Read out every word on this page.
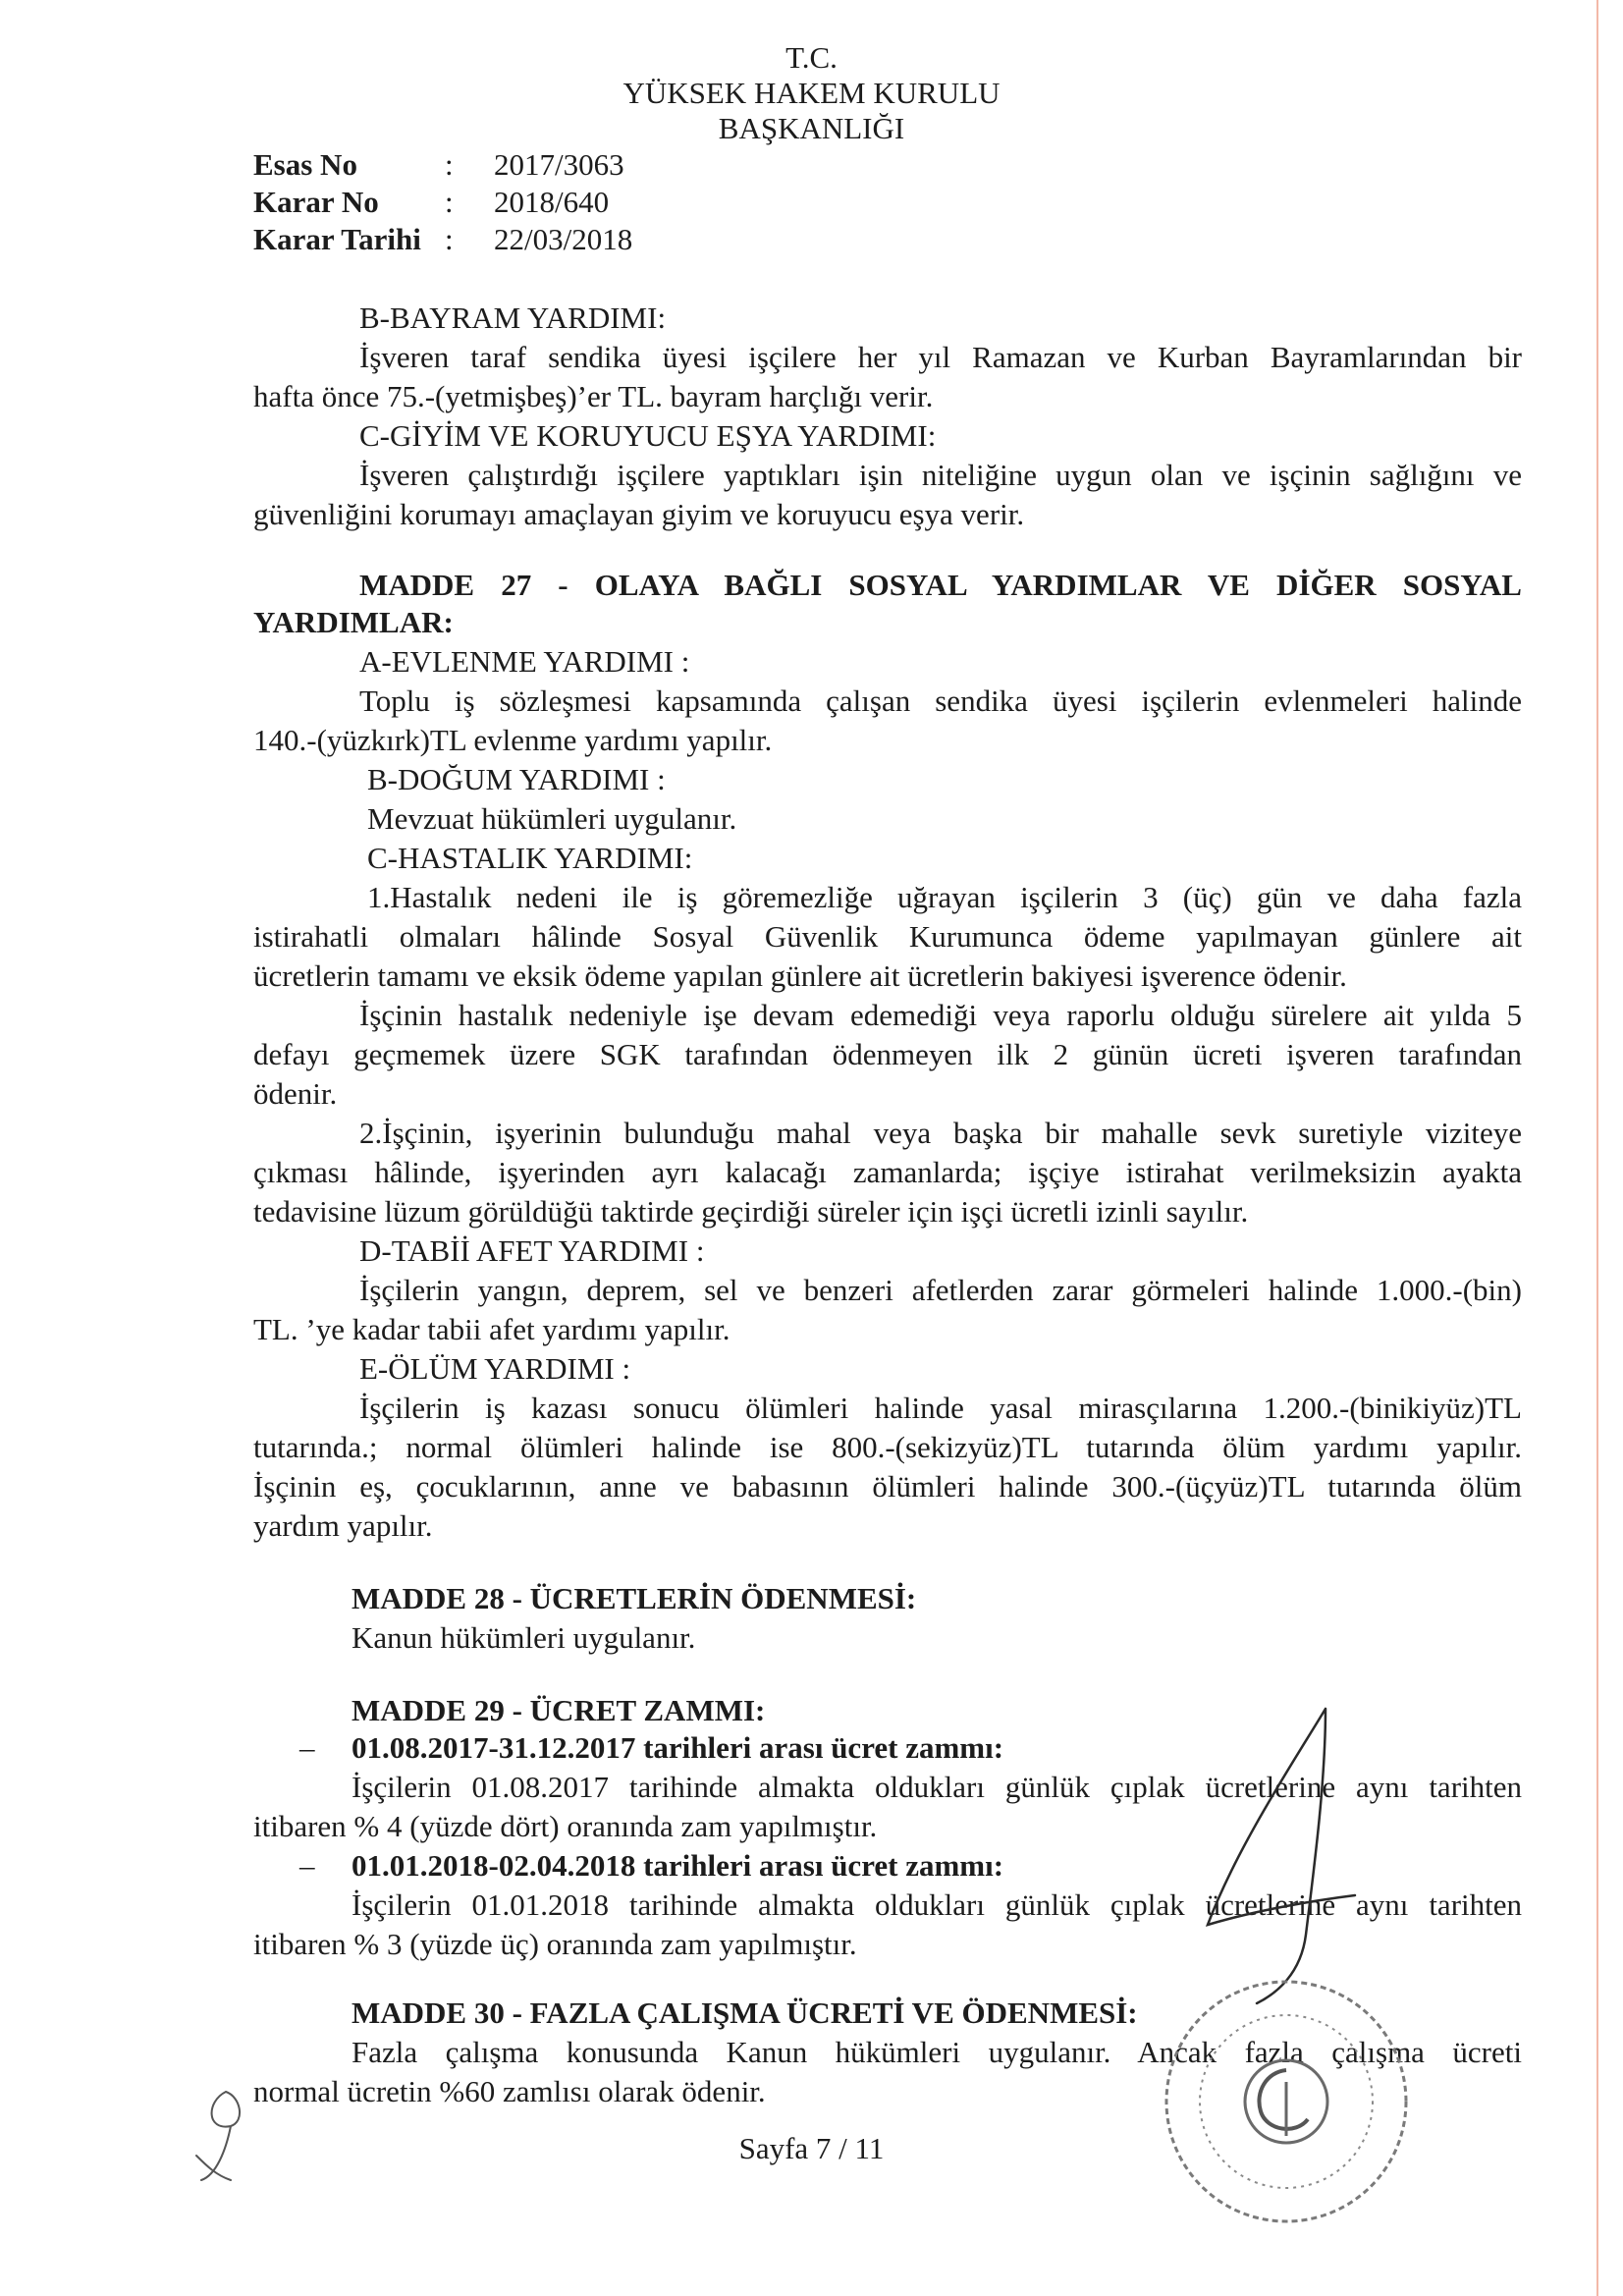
T.C.
YÜKSEK HAKEM KURULU
BAŞKANLIĞI
Esas No	: 2017/3063
Karar No : 2018/640
Karar Tarihi : 22/03/2018
B-BAYRAM YARDIMI:
İşveren taraf sendika üyesi işçilere her yıl Ramazan ve Kurban Bayramlarından bir
hafta önce 75.-(yetmişbeş)’er TL. bayram harçlığı verir.
C-GİYİM VE KORUYUCU EŞYA YARDIMI:
İşveren çalıştırdığı işçilere yaptıkları işin niteliğine uygun olan ve işçinin sağlığını ve
güvenliğini korumayı amaçlayan giyim ve koruyucu eşya verir.
MADDE 27 - OLAYA BAĞLI SOSYAL YARDIMLAR VE DİĞER SOSYAL
YARDIMLAR:
A-EVLENME YARDIMI :
Toplu iş sözleşmesi kapsamında çalışan sendika üyesi işçilerin evlenmeleri halinde
140.-(yüzkırk)TL evlenme yardımı yapılır.
B-DOĞUM YARDIMI :
Mevzuat hükümleri uygulanır.
C-HASTALIK YARDIMI:
1.Hastalık nedeni ile iş göremezliğe uğrayan işçilerin 3 (üç) gün ve daha fazla
istirahatli olmaları hâlinde Sosyal Güvenlik Kurumunca ödeme yapılmayan günlere ait
ücretlerin tamamı ve eksik ödeme yapılan günlere ait ücretlerin bakiyesi işverence ödenir.
İşçinin hastalık nedeniyle işe devam edemediği veya raporlu olduğu sürelere ait yılda 5
defayı geçmemek üzere SGK tarafından ödenmeyen ilk 2 günün ücreti işveren tarafından
ödenir.
2.İşçinin, işyerinin bulunduğu mahal veya başka bir mahalle sevk suretiyle viziteye
çıkması hâlinde, işyerinden ayrı kalacağı zamanlarda; işçiye istirahat verilmeksizin ayakta
tedavisine lüzum görüldüğü taktirde geçirdiği süreler için işçi ücretli izinli sayılır.
D-TABİİ AFET YARDIMI :
İşçilerin yangın, deprem, sel ve benzeri afetlerden zarar görmeleri halinde 1.000.-(bin)
TL. ’ye kadar tabii afet yardımı yapılır.
E-ÖLÜM YARDIMI :
İşçilerin iş kazası sonucu ölümleri halinde yasal mirasçılarına 1.200.-(binikiyüz)TL
tutarında.; normal ölümleri halinde ise 800.-(sekizyüz)TL tutarında ölüm yardımı yapılır.
İşçinin eş, çocuklarının, anne ve babasının ölümleri halinde 300.-(üçyüz)TL tutarında ölüm
yardım yapılır.
MADDE 28 - ÜCRETLERİN ÖDENMESİ:
Kanun hükümleri uygulanır.
MADDE 29 - ÜCRET ZAMMI:
– 01.08.2017-31.12.2017 tarihleri arası ücret zammı:
İşçilerin 01.08.2017 tarihinde almakta oldukları günlük çıplak ücretlerine aynı tarihten
itibaren % 4 (yüzde dört) oranında zam yapılmıştır.
– 01.01.2018-02.04.2018 tarihleri arası ücret zammı:
İşçilerin 01.01.2018 tarihinde almakta oldukları günlük çıplak ücretlerine aynı tarihten
itibaren % 3 (yüzde üç) oranında zam yapılmıştır.
MADDE 30 - FAZLA ÇALIŞMA ÜCRETİ VE ÖDENMESİ:
Fazla çalışma konusunda Kanun hükümleri uygulanır. Ancak fazla çalışma ücreti
normal ücretin %60 zamlısı olarak ödenir.
Sayfa 7 / 11
